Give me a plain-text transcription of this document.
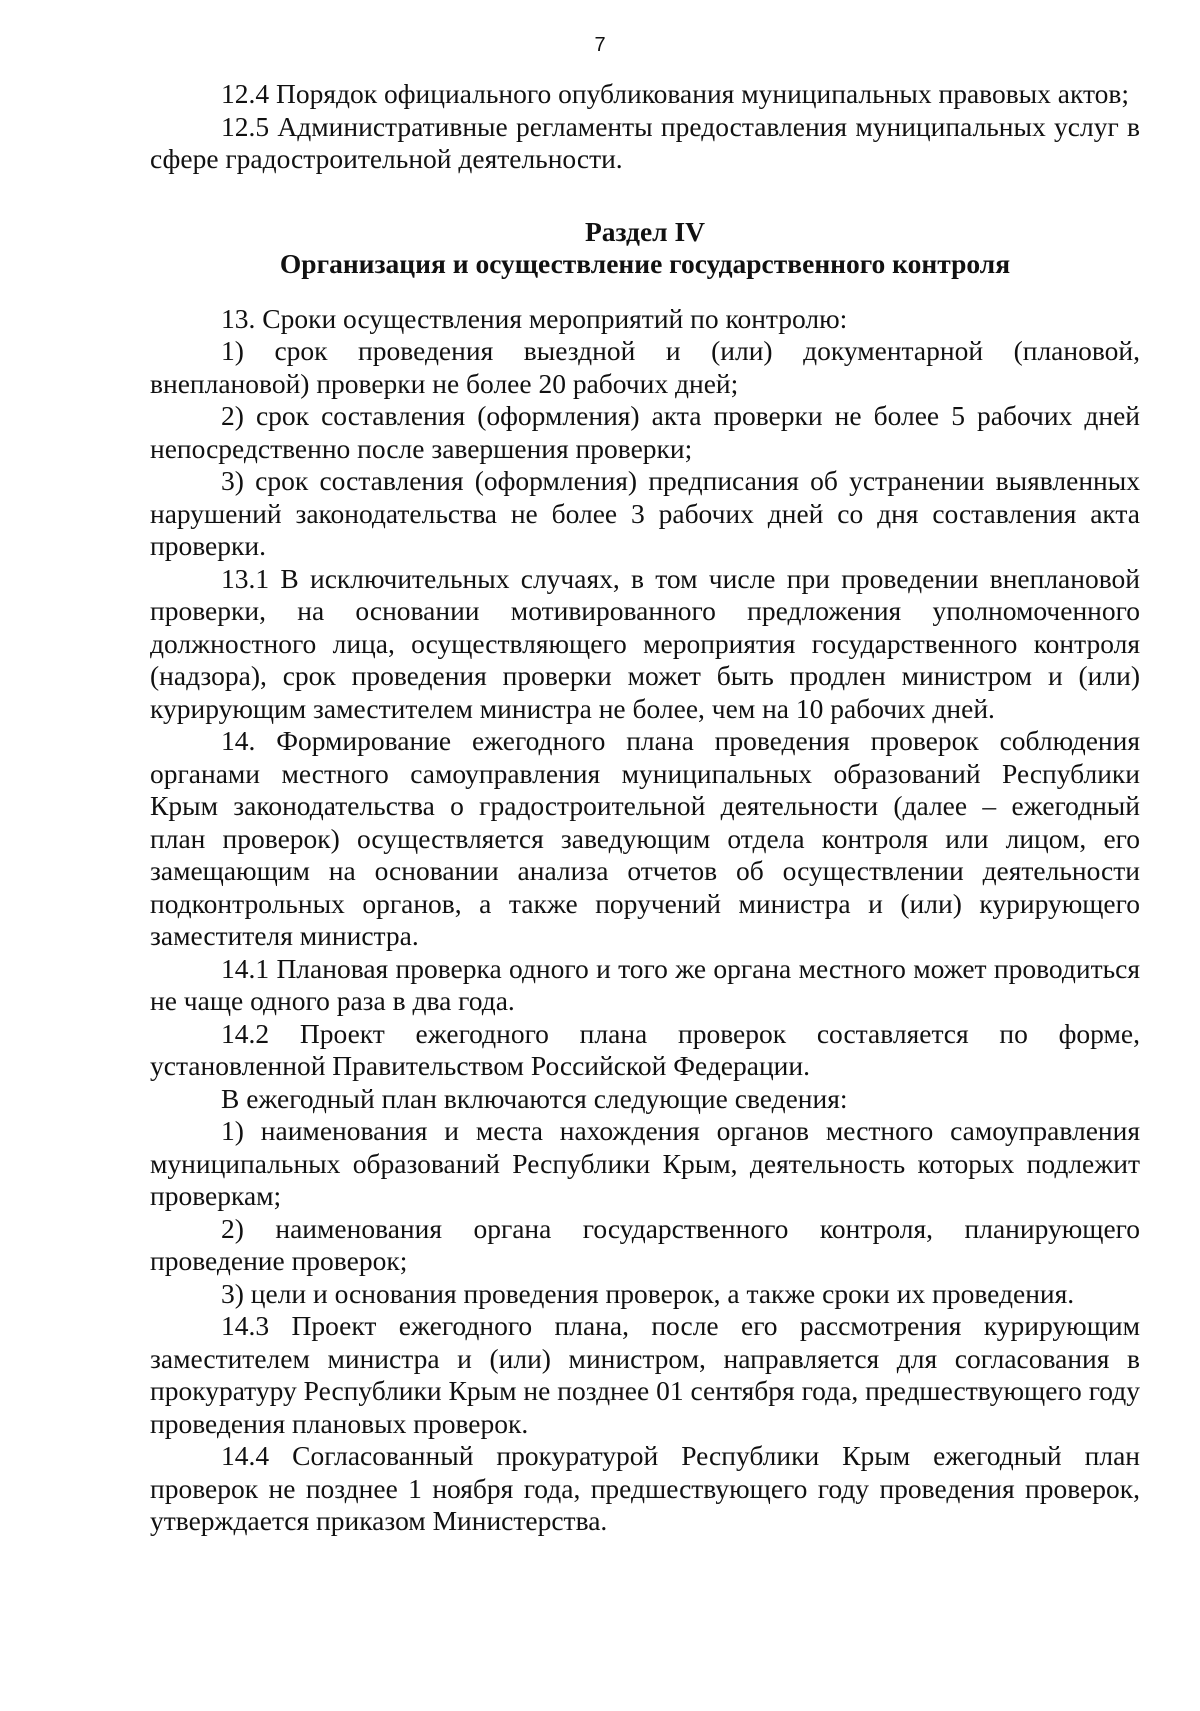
7

12.4 Порядок официального опубликования муниципальных правовых актов;

12.5 Административные регламенты предоставления муниципальных услуг в сфере градостроительной деятельности.

Раздел IV

Организация и осуществление государственного контроля

13. Сроки осуществления мероприятий по контролю:

1) срок проведения выездной и (или) документарной (плановой, внеплановой) проверки не более 20 рабочих дней;

2) срок составления (оформления) акта проверки не более 5 рабочих дней непосредственно после завершения проверки;

3) срок составления (оформления) предписания об устранении выявленных нарушений законодательства не более 3 рабочих дней со дня составления акта проверки.

13.1 В исключительных случаях, в том числе при проведении внеплановой проверки, на основании мотивированного предложения уполномоченного должностного лица, осуществляющего мероприятия государственного контроля (надзора), срок проведения проверки может быть продлен министром и (или) курирующим заместителем министра не более, чем на 10 рабочих дней.

14. Формирование ежегодного плана проведения проверок соблюдения органами местного самоуправления муниципальных образований Республики Крым законодательства о градостроительной деятельности (далее – ежегодный план проверок) осуществляется заведующим отдела контроля или лицом, его замещающим на основании анализа отчетов об осуществлении деятельности подконтрольных органов, а также поручений министра и (или) курирующего заместителя министра.

14.1 Плановая проверка одного и того же органа местного может проводиться не чаще одного раза в два года.

14.2 Проект ежегодного плана проверок составляется по форме, установленной Правительством Российской Федерации.

В ежегодный план включаются следующие сведения:

1) наименования и места нахождения органов местного самоуправления муниципальных образований Республики Крым, деятельность которых подлежит проверкам;

2) наименования органа государственного контроля, планирующего проведение проверок;

3) цели и основания проведения проверок, а также сроки их проведения.

14.3 Проект ежегодного плана, после его рассмотрения курирующим заместителем министра и (или) министром, направляется для согласования в прокуратуру Республики Крым не позднее 01 сентября года, предшествующего году проведения плановых проверок.

14.4 Согласованный прокуратурой Республики Крым ежегодный план проверок не позднее 1 ноября года, предшествующего году проведения проверок, утверждается приказом Министерства.
